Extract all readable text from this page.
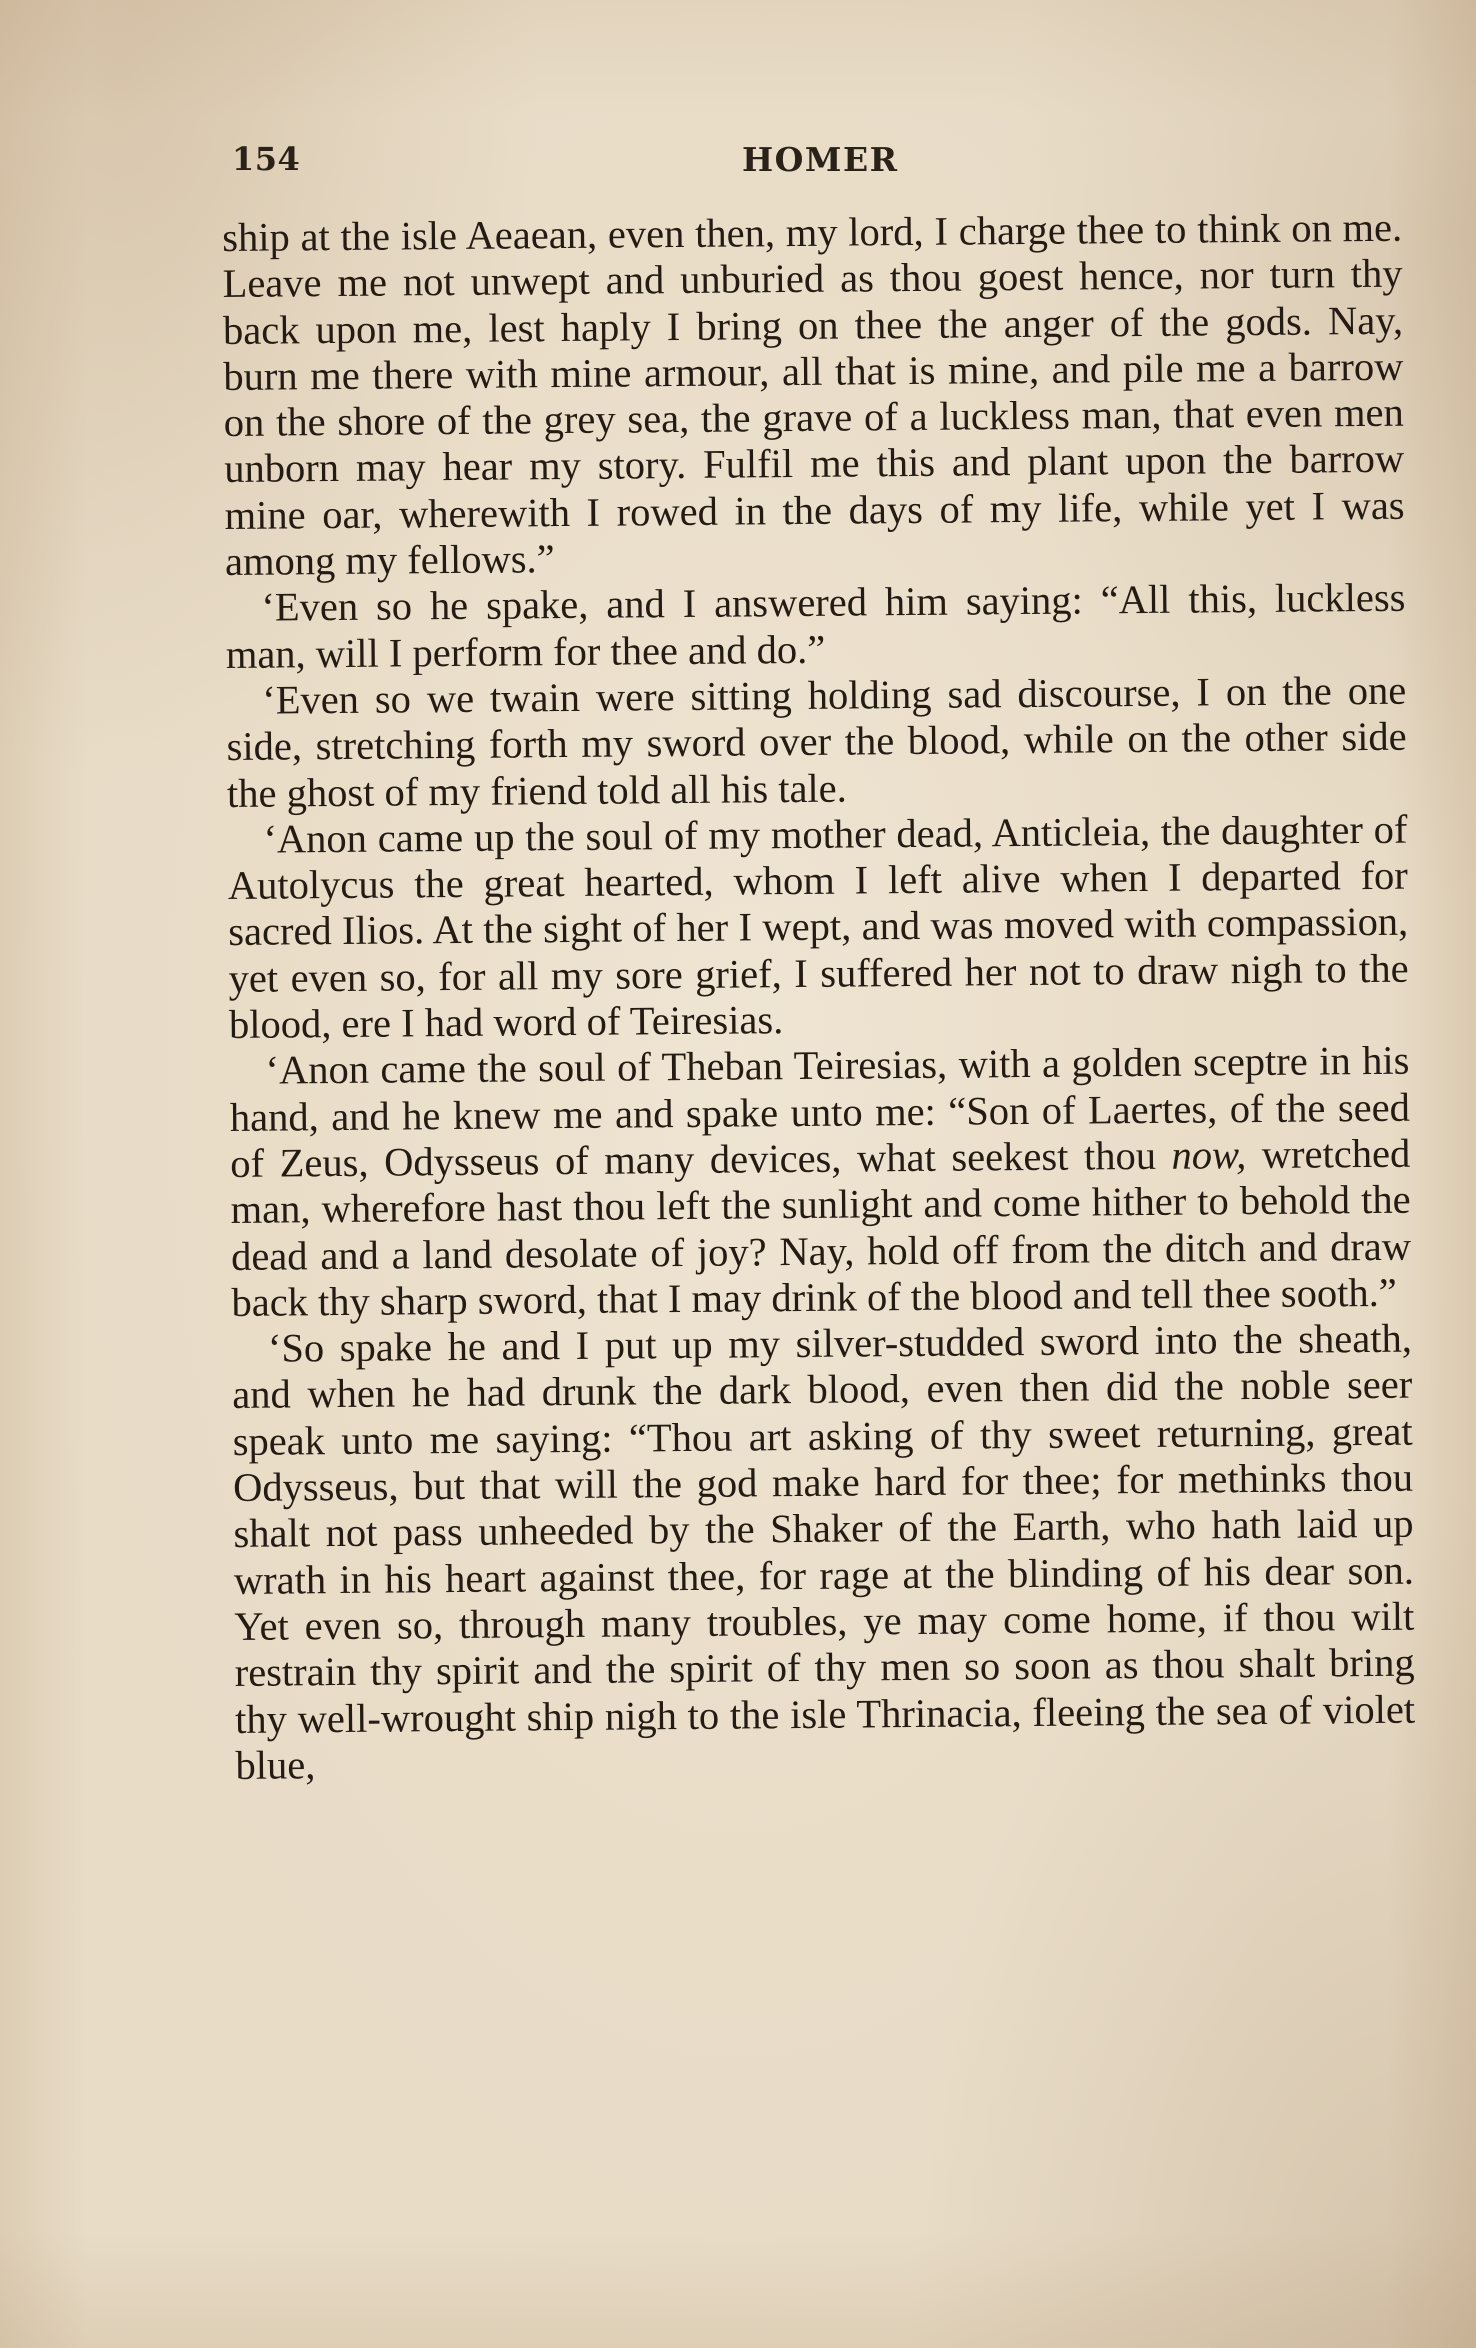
154	HOMER

ship at the isle Aeaean, even then, my lord, I charge thee to think on me. Leave me not unwept and unburied as thou goest hence, nor turn thy back upon me, lest haply I bring on thee the anger of the gods. Nay, burn me there with mine armour, all that is mine, and pile me a barrow on the shore of the grey sea, the grave of a luckless man, that even men unborn may hear my story. Fulfil me this and plant upon the barrow mine oar, wherewith I rowed in the days of my life, while yet I was among my fellows.”

‘Even so he spake, and I answered him saying: “All this, luckless man, will I perform for thee and do.”

‘Even so we twain were sitting holding sad discourse, I on the one side, stretching forth my sword over the blood, while on the other side the ghost of my friend told all his tale.

‘Anon came up the soul of my mother dead, Anticleia, the daughter of Autolycus the great hearted, whom I left alive when I departed for sacred Ilios. At the sight of her I wept, and was moved with compassion, yet even so, for all my sore grief, I suffered her not to draw nigh to the blood, ere I had word of Teiresias.

‘Anon came the soul of Theban Teiresias, with a golden sceptre in his hand, and he knew me and spake unto me: “Son of Laertes, of the seed of Zeus, Odysseus of many devices, what seekest thou now, wretched man, wherefore hast thou left the sunlight and come hither to behold the dead and a land desolate of joy? Nay, hold off from the ditch and draw back thy sharp sword, that I may drink of the blood and tell thee sooth.”

‘So spake he and I put up my silver-studded sword into the sheath, and when he had drunk the dark blood, even then did the noble seer speak unto me saying: “Thou art asking of thy sweet returning, great Odysseus, but that will the god make hard for thee; for methinks thou shalt not pass unheeded by the Shaker of the Earth, who hath laid up wrath in his heart against thee, for rage at the blinding of his dear son. Yet even so, through many troubles, ye may come home, if thou wilt restrain thy spirit and the spirit of thy men so soon as thou shalt bring thy well-wrought ship nigh to the isle Thrinacia, fleeing the sea of violet blue,
